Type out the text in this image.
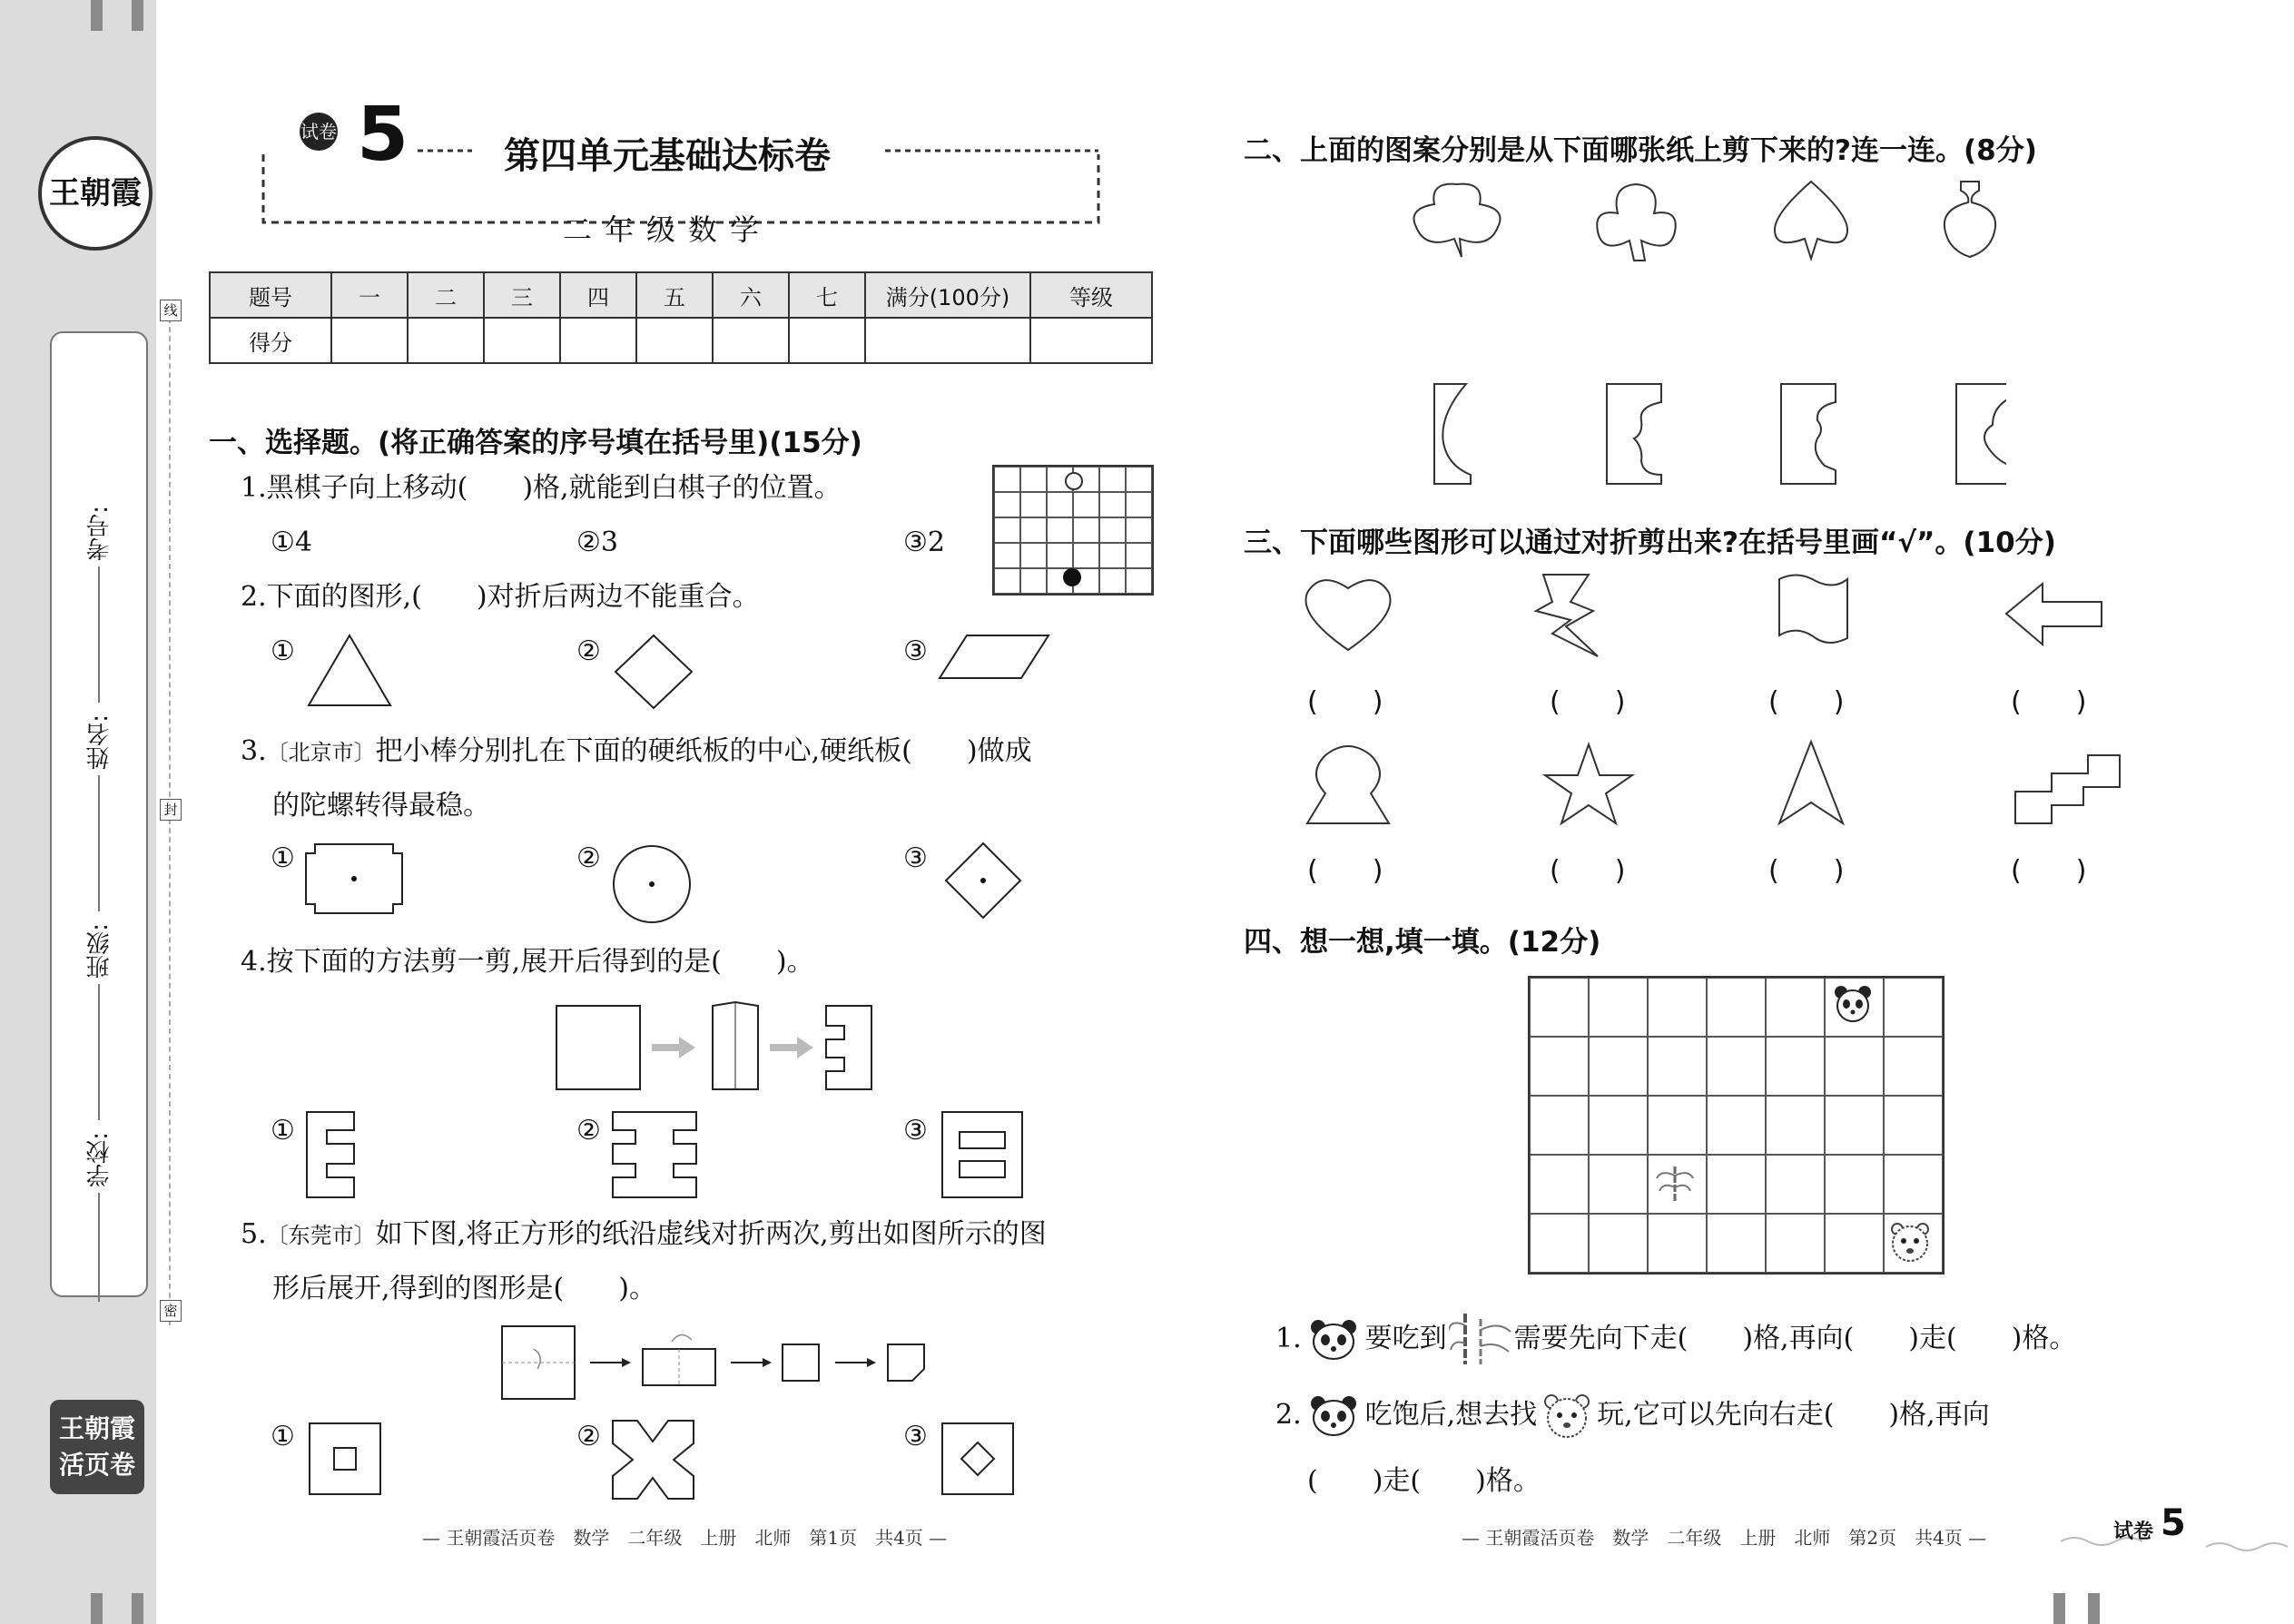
王朝霞
王朝霞
活页卷
考号:
姓名:
班级:
学校:
线
封
密
试卷 5	第四单元基础达标卷
二年级数学
题号	一	二	三	四	五	六	七	满分(100分)	等级
得分									
一、选择题。(将正确答案的序号填在括号里)(15分)
1.黑棋子向上移动(　　)格,就能到白棋子的位置。
①4	②3	③2
2.下面的图形,(　　)对折后两边不能重合。
①	②	③
3.〔北京市〕把小棒分别扎在下面的硬纸板的中心,硬纸板(　　)做成
的陀螺转得最稳。
①	②	③
4.按下面的方法剪一剪,展开后得到的是(　　)。
①	②	③
5.〔东莞市〕如下图,将正方形的纸沿虚线对折两次,剪出如图所示的图
形后展开,得到的图形是(　　)。
①	②	③
— 王朝霞活页卷　数学　二年级　上册　北师　第1页　共4页 —
二、上面的图案分别是从下面哪张纸上剪下来的?连一连。(8分)
三、下面哪些图形可以通过对折剪出来?在括号里画“√”。(10分)
(　　)	(　　)	(　　)	(　　)
(　　)	(　　)	(　　)	(　　)
四、想一想,填一填。(12分)
1. 要吃到 需要先向下走(　　)格,再向(　　)走(　　)格。
2. 吃饱后,想去找 玩,它可以先向右走(　　)格,再向
(　　)走(　　)格。
— 王朝霞活页卷　数学　二年级　上册　北师　第2页　共4页 —	试卷 5
